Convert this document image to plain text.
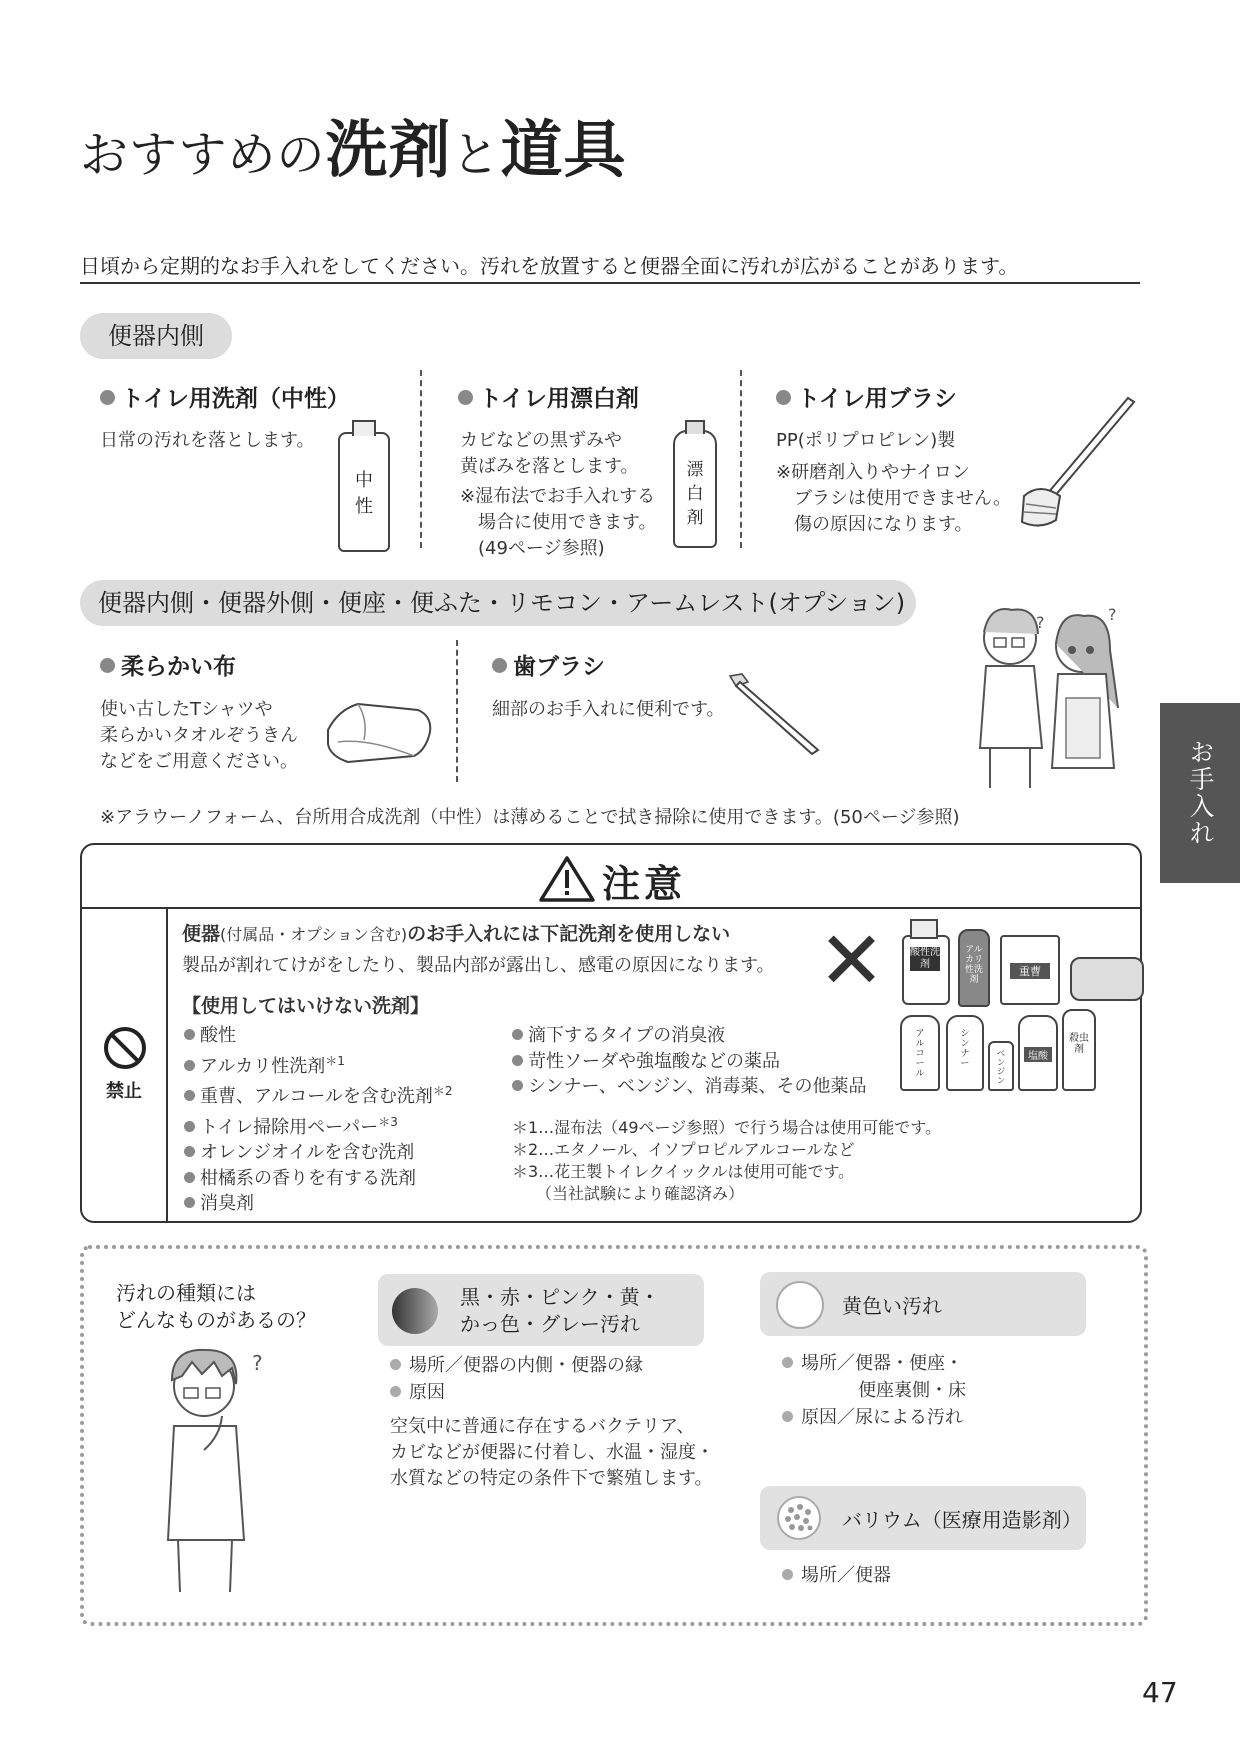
おすすめの洗剤と道具
日頃から定期的なお手入れをしてください。汚れを放置すると便器全面に汚れが広がることがあります。
便器内側
トイレ用洗剤（中性）
日常の汚れを落とします。
中
性
トイレ用漂白剤
カビなどの黒ずみや
黄ばみを落とします。
※湿布法でお手入れする
　場合に使用できます。
　(49ページ参照)
漂
白
剤
トイレ用ブラシ
PP(ポリプロピレン)製
※研磨剤入りやナイロン
　ブラシは使用できません。
　傷の原因になります。
便器内側・便器外側・便座・便ふた・リモコン・アームレスト(オプション)
柔らかい布
使い古したTシャツや
柔らかいタオルぞうきん
などをご用意ください。
歯ブラシ
細部のお手入れに便利です。
?	?
お手入れ
※アラウーノフォーム、台所用合成洗剤（中性）は薄めることで拭き掃除に使用できます。(50ページ参照)
注意
禁止
便器(付属品・オプション含む)のお手入れには下記洗剤を使用しない
製品が割れてけがをしたり、製品内部が露出し、感電の原因になります。
【使用してはいけない洗剤】
酸性
アルカリ性洗剤$^{*1}$
重曹、アルコールを含む洗剤$^{*2}$
トイレ掃除用ペーパー$^{*3}$
オレンジオイルを含む洗剤
柑橘系の香りを有する洗剤
消臭剤
滴下するタイプの消臭液
苛性ソーダや強塩酸などの薬品
シンナー、ベンジン、消毒薬、その他薬品
＊1…湿布法（49ページ参照）で行う場合は使用可能です。
＊2…エタノール、イソプロピルアルコールなど
＊3…花王製トイレクイックルは使用可能です。
　　（当社試験により確認済み）
✕ 酸性洗剤
アルカリ性洗剤
重曹
アルコール
シンナー
ベンジン
塩酸
殺虫剤
汚れの種類には
どんなものがあるの？
?
黒・赤・ピンク・黄・
かっ色・グレー汚れ
場所／便器の内側・便器の縁
原因
空気中に普通に存在するバクテリア、
カビなどが便器に付着し、水温・湿度・
水質などの特定の条件下で繁殖します。
黄色い汚れ
場所／便器・便座・
便座裏側・床
原因／尿による汚れ
バリウム（医療用造影剤）
場所／便器
47
